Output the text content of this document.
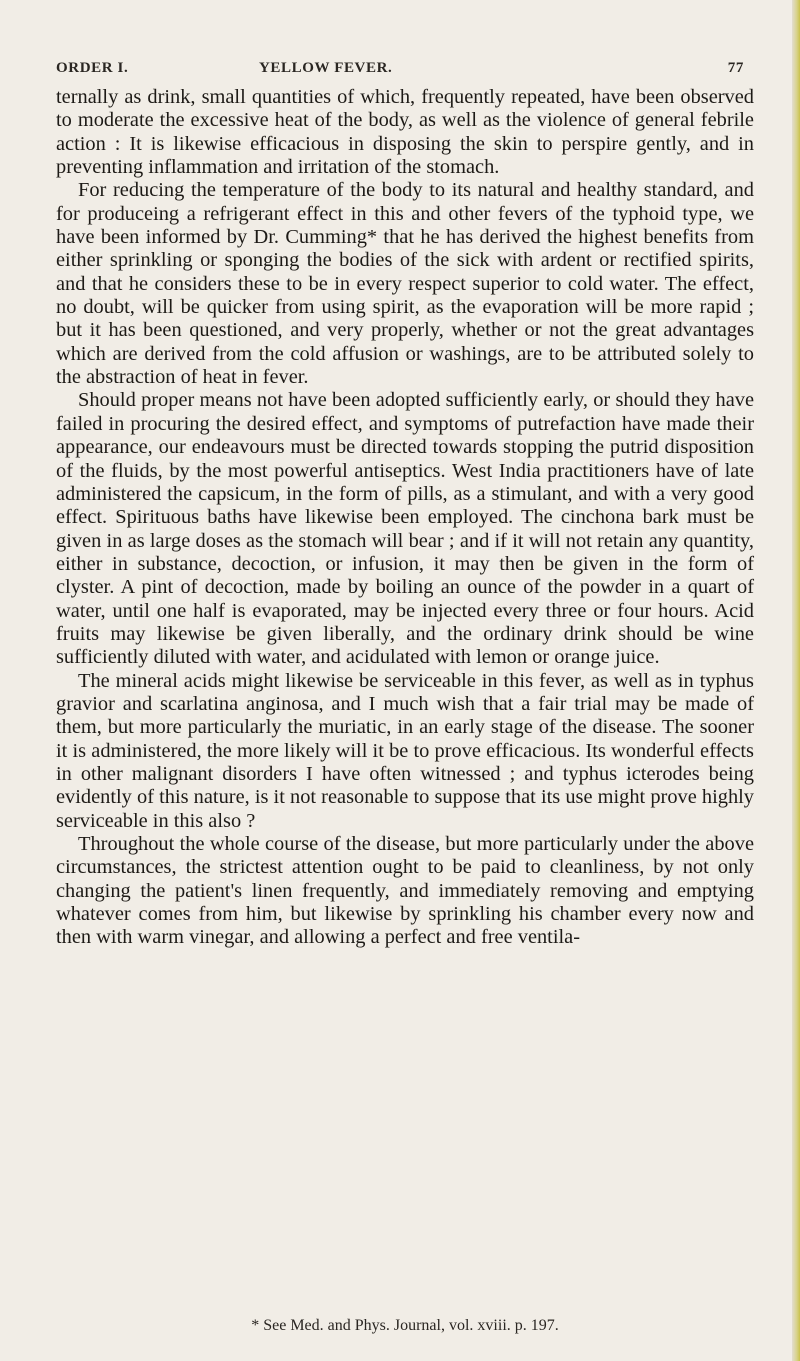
ORDER I.	YELLOW FEVER.	77

ternally as drink, small quantities of which, frequently repeated, have been observed to moderate the excessive heat of the body, as well as the violence of general febrile action : It is likewise efficacious in disposing the skin to perspire gently, and in preventing inflammation and irritation of the stomach.

For reducing the temperature of the body to its natural and healthy standard, and for produceing a refrigerant effect in this and other fevers of the typhoid type, we have been informed by Dr. Cumming* that he has derived the highest benefits from either sprinkling or sponging the bodies of the sick with ardent or rectified spirits, and that he considers these to be in every respect superior to cold water. The effect, no doubt, will be quicker from using spirit, as the evaporation will be more rapid ; but it has been questioned, and very properly, whether or not the great advantages which are derived from the cold affusion or washings, are to be attributed solely to the abstraction of heat in fever.

Should proper means not have been adopted sufficiently early, or should they have failed in procuring the desired effect, and symptoms of putrefaction have made their appearance, our endeavours must be directed towards stopping the putrid disposition of the fluids, by the most powerful antiseptics. West India practitioners have of late administered the capsicum, in the form of pills, as a stimulant, and with a very good effect. Spirituous baths have likewise been employed. The cinchona bark must be given in as large doses as the stomach will bear ; and if it will not retain any quantity, either in substance, decoction, or infusion, it may then be given in the form of clyster. A pint of decoction, made by boiling an ounce of the powder in a quart of water, until one half is evaporated, may be injected every three or four hours. Acid fruits may likewise be given liberally, and the ordinary drink should be wine sufficiently diluted with water, and acidulated with lemon or orange juice.

The mineral acids might likewise be serviceable in this fever, as well as in typhus gravior and scarlatina anginosa, and I much wish that a fair trial may be made of them, but more particularly the muriatic, in an early stage of the disease. The sooner it is administered, the more likely will it be to prove efficacious. Its wonderful effects in other malignant disorders I have often witnessed ; and typhus icterodes being evidently of this nature, is it not reasonable to suppose that its use might prove highly serviceable in this also ?

Throughout the whole course of the disease, but more particularly under the above circumstances, the strictest attention ought to be paid to cleanliness, by not only changing the patient's linen frequently, and immediately removing and emptying whatever comes from him, but likewise by sprinkling his chamber every now and then with warm vinegar, and allowing a perfect and free ventila-

* See Med. and Phys. Journal, vol. xviii. p. 197.
